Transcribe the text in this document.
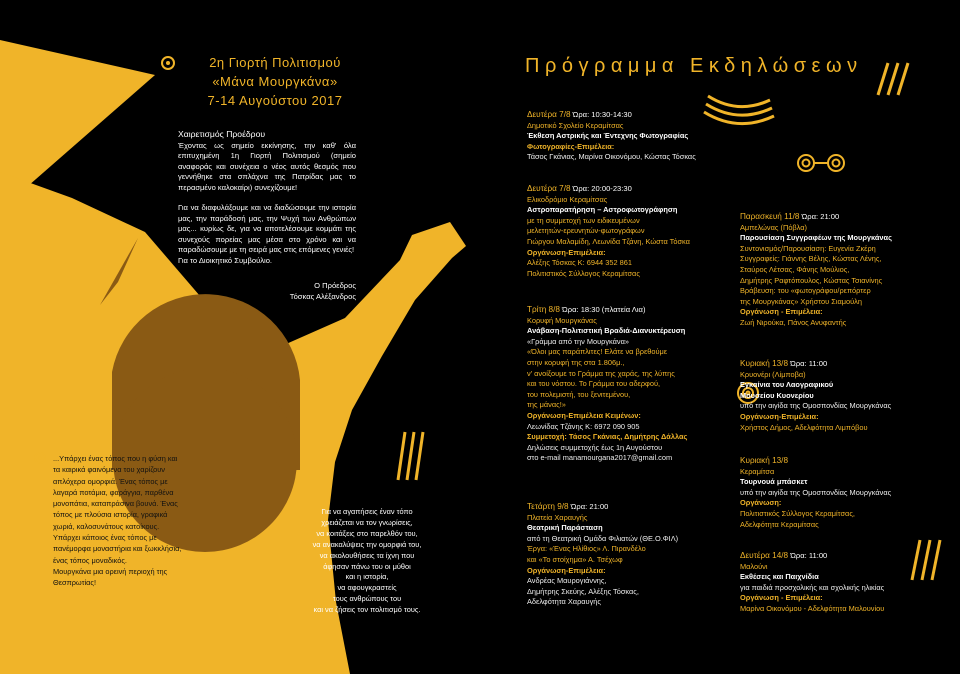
2η Γιορτή Πολιτισμού
«Μάνα Μουργκάνα»
7-14 Αυγούστου 2017
Πρόγραμμα Εκδηλώσεων
Χαιρετισμός Προέδρου
Έχοντας ως σημείο εκκίνησης, την καθ' όλα επιτυχημένη 1η Γιορτή Πολιτισμού (σημείο αναφοράς και συνέχεια ο νέος αυτός θεσμός που γεννήθηκε στα σπλάχνα της Πατρίδας μας το περασμένο καλοκαίρι) συνεχίζουμε!
Για να διαφυλάξουμε και να διαδώσουμε την ιστορία μας, την παράδοσή μας, την Ψυχή των Ανθρώπων μας... κυρίως δε, για να αποτελέσουμε κομμάτι της συνεχούς πορείας μας μέσα στο χρόνο και να παραδώσουμε με τη σειρά μας στις επόμενες γενιές!
Για το Διοικητικό Συμβούλιο.
Ο Πρόεδρος
Τόσκας Αλέξανδρος
...Υπάρχει ένας τόπος που η φύση και
τα καιρικά φαινόμενα του χαρίζουν
απλόχερα ομορφιά. Ένας τόπος με
λαγαρά ποτάμια, φαράγγια, παρθένα
μονοπάτια, καταπράσινα βουνά. Ένας
τόπος με πλούσια ιστορία, γραφικά
χωριά, καλοσυνάτους κατοίκους.
Υπάρχει κάποιος ένας τόπος με
πανέμορφα μοναστήρια και ξωκκλήσια,
ένας τόπος μοναδικός.
Μουργκάνα μια ορεινή περιοχή της
Θεσπρωτίας!
Για να αγαπήσεις έναν τόπο
χρειάζεται να τον γνωρίσεις,
να κοιτάξεις στο παρελθόν του,
να ανακαλύψεις την ομορφιά του,
να ακολουθήσεις τα ίχνη που
άφησαν πάνω του οι μύθοι
και η ιστορία,
να αφουγκραστείς
τους ανθρώπους του
και να ζήσεις τον πολιτισμό τους.
Δευτέρα 7/8 Ώρα: 10:30-14:30
Δημοτικό Σχολείο Κεραμίτσας
Έκθεση Αστρικής και Έντεχνης Φωτογραφίας
Φωτογραφίες-Επιμέλεια:
Τάσος Γκάνιας, Μαρίνα Οικονόμου, Κώστας Τόσκας
Δευτέρα 7/8 Ώρα: 20:00-23:30
Ελικοδρόμιο Κεραμίτσας
Αστροπαρατήρηση – Αστροφωτογράφηση
με τη συμμετοχή των ειδικευμένων
μελετητών-ερευνητών-φωτογράφων
Γιώργου Μαλαμίδη, Λεωνίδα Τζάνη, Κώστα Τόσκα
Οργάνωση-Επιμέλεια:
Αλέξης Τόσκας Κ: 6944 352 861
Πολιτιστικός Σύλλογος Κεραμίτσας
Τρίτη 8/8 Ώρα: 18:30 (πλατεία Λια)
Κορυφή Μουργκάνας
Ανάβαση-Πολιτιστική Βραδιά-Διανυκτέρευση
«Γράμμα από την Μουργκάνα»
«Όλοι μας παράπλιτες! Ελάτε να βρεθούμε
στην κορυφή της στα 1.806μ.,
ν' ανοίξουμε το Γράμμα της χαράς, της λύπης
και του νόστου. Το Γράμμα του αδερφού,
του πολεμιστή, του ξενιτεμένου,
της μάνας!»
Οργάνωση-Επιμέλεια Κειμένων:
Λεωνίδας Τζάνης Κ: 6972 090 905
Συμμετοχή: Τάσος Γκάνιας, Δημήτρης Δάλλας
Δηλώσεις συμμετοχής έως 1η Αυγούστου
στο e-mail manamourgana2017@gmail.com
Τετάρτη 9/8 Ώρα: 21:00
Πλατεία Χαραυγής
Θεατρική Παράσταση
από τη Θεατρική Ομάδα Φιλιατών (ΘΕ.Ο.ΦΙΛ)
Έργα: «Ένας Ηλίθιος» Λ. Πιρανδέλο
και «Το στοίχημα» Α. Τσέχωφ
Οργάνωση-Επιμέλεια:
Ανδρέας Μαυρογιάννης,
Δημήτρης Σκεύης, Αλέξης Τόσκας,
Αδελφότητα Χαραυγής
Παρασκευή 11/8 Ώρα: 21:00
Αμπελώνας (Πόβλα)
Παρουσίαση Συγγραφέων της Μουργκάνας
Συντονισμός/Παρουσίαση: Ευγενία Ζκέρη
Συγγραφείς: Γιάννης Βέλης, Κώστας Λένης,
Σταύρος Λέτσας, Φάνης Μούλιος,
Δημήτρης Ραφτόπουλος, Κώστας Τσιανίνης
Βράβευση: του «φωτογράφου/ρεπόρτερ
της Μουργκάνας» Χρήστου Σιαμούλη
Οργάνωση - Επιμέλεια:
Ζωή Νιρούκα, Πάνος Ανυφαντής
Κυριακή 13/8 Ώρα: 11:00
Κρυονέρι (Λίμποβα)
Εγκαίνια του Λαογραφικού
Μουσείου Κυονερίου
υπό την αιγίδα της Ομοσπονδίας Μουργκάνας
Οργάνωση-Επιμέλεια:
Χρήστος Δήμος, Αδελφότητα Λιμπόβου
Κυριακή 13/8
Κεραμίτσα
Τουρνουά μπάσκετ
υπό την αιγίδα της Ομοσπονδίας Μουργκάνας
Οργάνωση:
Πολιτιστικός Σύλλογος Κεραμίτσας,
Αδελφότητα Κεραμίτσας
Δευτέρα 14/8 Ώρα: 11:00
Μαλούνι
Εκθέσεις και Παιχνίδια
για παιδιά προσχολικής και σχολικής ηλικίας
Οργάνωση - Επιμέλεια:
Μαρίνα Οικονόμου - Αδελφότητα Μαλουνίου
